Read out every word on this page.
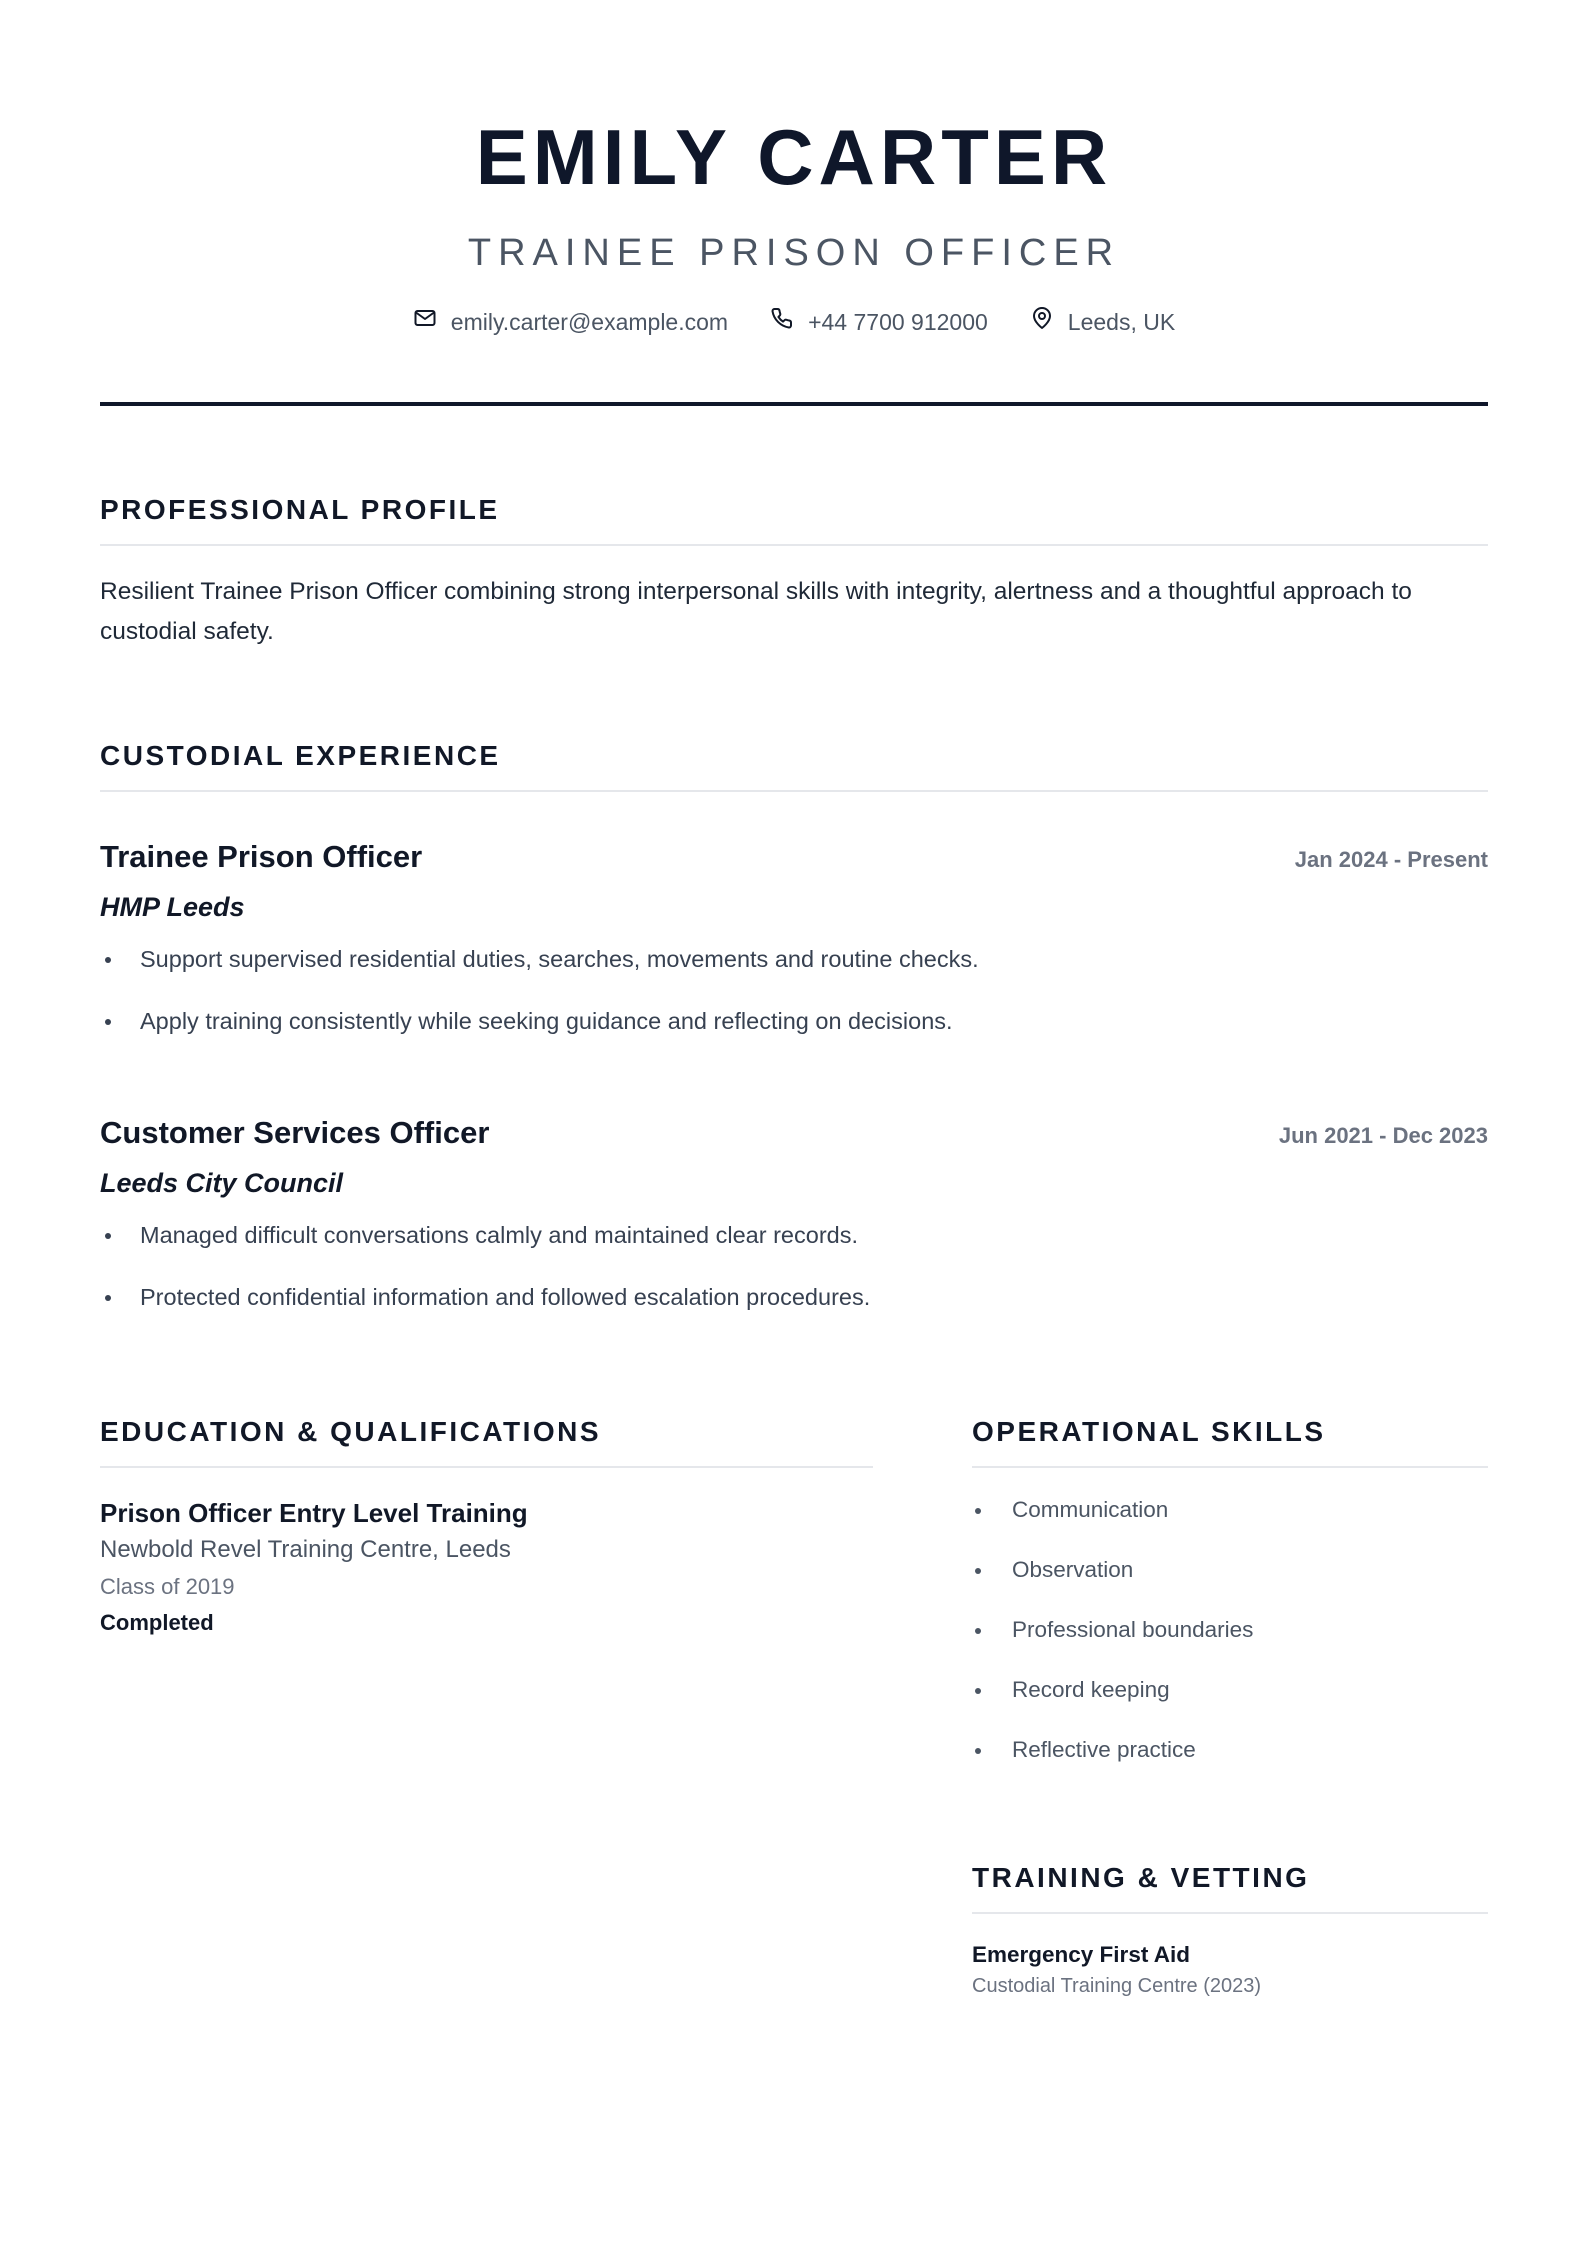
EMILY CARTER
TRAINEE PRISON OFFICER
emily.carter@example.com	+44 7700 912000	Leeds, UK
PROFESSIONAL PROFILE

Resilient Trainee Prison Officer combining strong interpersonal skills with integrity, alertness and a thoughtful approach to custodial safety.

CUSTODIAL EXPERIENCE
Trainee Prison Officer	Jan 2024 - Present
HMP Leeds
Support supervised residential duties, searches, movements and routine checks.
Apply training consistently while seeking guidance and reflecting on decisions.
Customer Services Officer	Jun 2021 - Dec 2023
Leeds City Council
Managed difficult conversations calmly and maintained clear records.
Protected confidential information and followed escalation procedures.
EDUCATION & QUALIFICATIONS
Prison Officer Entry Level Training
Newbold Revel Training Centre, Leeds
Class of 2019
Completed
OPERATIONAL SKILLS
Communication
Observation
Professional boundaries
Record keeping
Reflective practice
TRAINING & VETTING
Emergency First Aid
Custodial Training Centre (2023)
